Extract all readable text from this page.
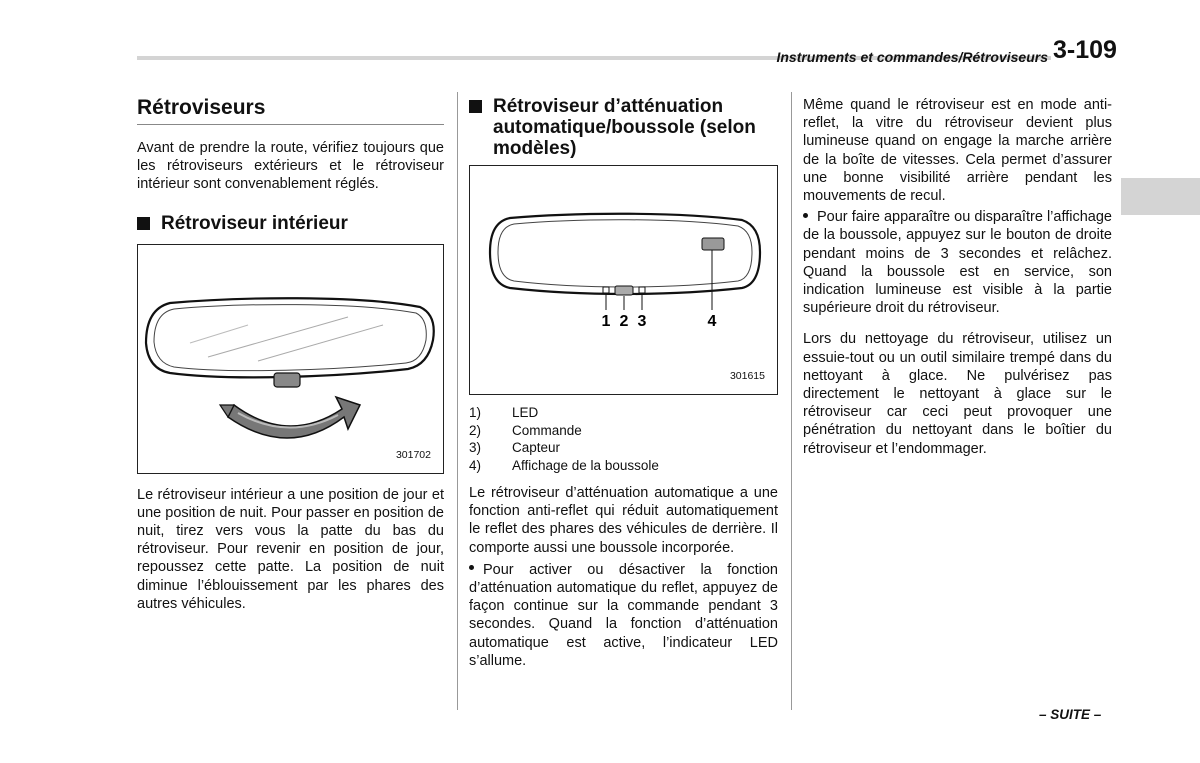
Instruments et commandes/Rétroviseurs 3-109
Rétroviseurs

Avant de prendre la route, vérifiez toujours que les rétroviseurs extérieurs et le rétroviseur intérieur sont convenablement réglés.

Rétroviseur intérieur
301702

Le rétroviseur intérieur a une position de jour et une position de nuit. Pour passer en position de nuit, tirez vers vous la patte du bas du rétroviseur. Pour revenir en position de jour, repoussez cette patte. La position de nuit diminue l’éblouissement par les phares des autres véhicules.

Rétroviseur d’atténuation automatique/boussole (selon modèles)
1 2 3	4
301615
1)	LED
2)	Commande
3)	Capteur
4)	Affichage de la boussole

Le rétroviseur d’atténuation automatique a une fonction anti-reflet qui réduit automatiquement le reflet des phares des véhicules de derrière. Il comporte aussi une boussole incorporée.

Pour activer ou désactiver la fonction d’atténuation automatique du reflet, appuyez de façon continue sur la commande pendant 3 secondes. Quand la fonction d’atténuation automatique est active, l’indicateur LED s’allume.

Même quand le rétroviseur est en mode anti-reflet, la vitre du rétroviseur devient plus lumineuse quand on engage la marche arrière de la boîte de vitesses. Cela permet d’assurer une bonne visibilité arrière pendant les mouvements de recul.

Pour faire apparaître ou disparaître l’affichage de la boussole, appuyez sur le bouton de droite pendant moins de 3 secondes et relâchez. Quand la boussole est en service, son indication lumineuse est visible à la partie supérieure droit du rétroviseur.

Lors du nettoyage du rétroviseur, utilisez un essuie-tout ou un outil similaire trempé dans du nettoyant à glace. Ne pulvérisez pas directement le nettoyant à glace sur le rétroviseur car ceci peut provoquer une pénétration du nettoyant dans le boîtier du rétroviseur et l’endommager.

– SUITE –
